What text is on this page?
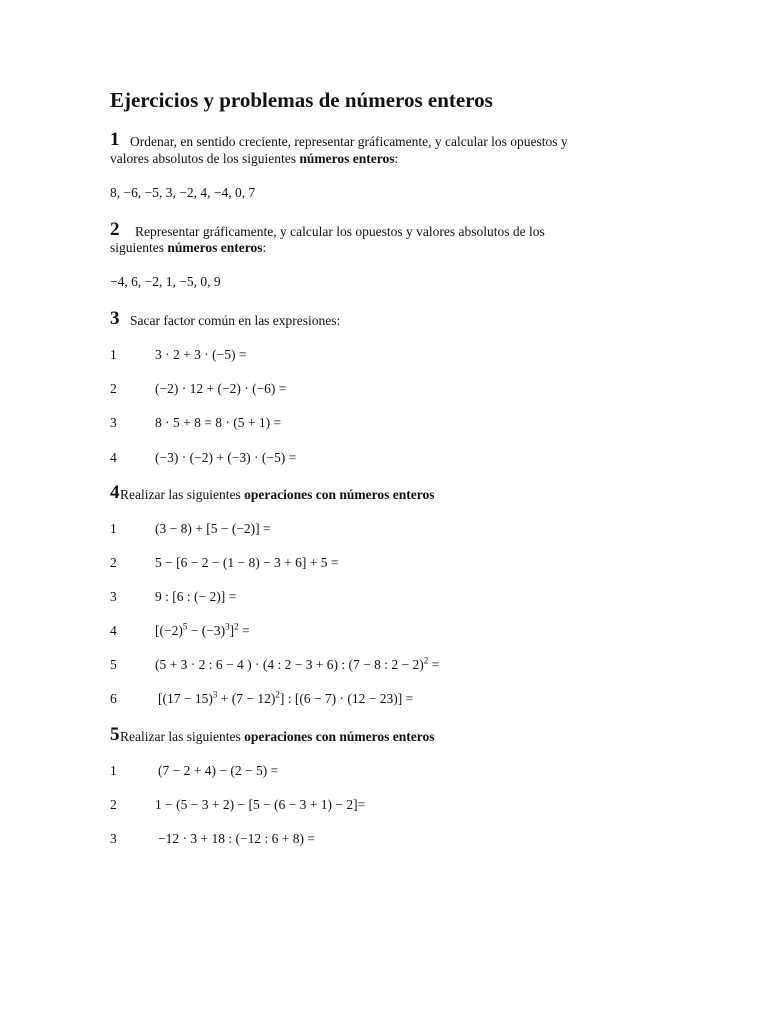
Ejercicios y problemas de números enteros
1 Ordenar, en sentido creciente, representar gráficamente, y calcular los opuestos y
valores absolutos de los siguientes números enteros:
8, −6, −5, 3, −2, 4, −4, 0, 7
2 Representar gráficamente, y calcular los opuestos y valores absolutos de los
siguientes números enteros:
−4, 6, −2, 1, −5, 0, 9
3 Sacar factor común en las expresiones:
1	3 · 2 + 3 · (−5) =
2	(−2) · 12 + (−2) · (−6) =
3	8 · 5 + 8 = 8 · (5 + 1) =
4	(−3) · (−2) + (−3) · (−5) =
4 Realizar las siguientes operaciones con números enteros
1	(3 − 8) + [5 − (−2)] =
2	5 − [6 − 2 − (1 − 8) − 3 + 6] + 5 =
3	9 : [6 : (− 2)] =
4	$[(-2)^5 - (-3)^3]^2$ =
5	(5 + 3 · 2 : 6 − 4 ) · (4 : 2 − 3 + 6) : (7 − 8 : 2 − 2)$^2$ =
6	$[(17 - 15)^3 + (7 - 12)^2]$ : [(6 − 7) · (12 − 23)] =
5 Realizar las siguientes operaciones con números enteros
1	(7 − 2 + 4) − (2 − 5) =
2	1 − (5 − 3 + 2) − [5 − (6 − 3 + 1) − 2]=
3	−12 · 3 + 18 : (−12 : 6 + 8) =
